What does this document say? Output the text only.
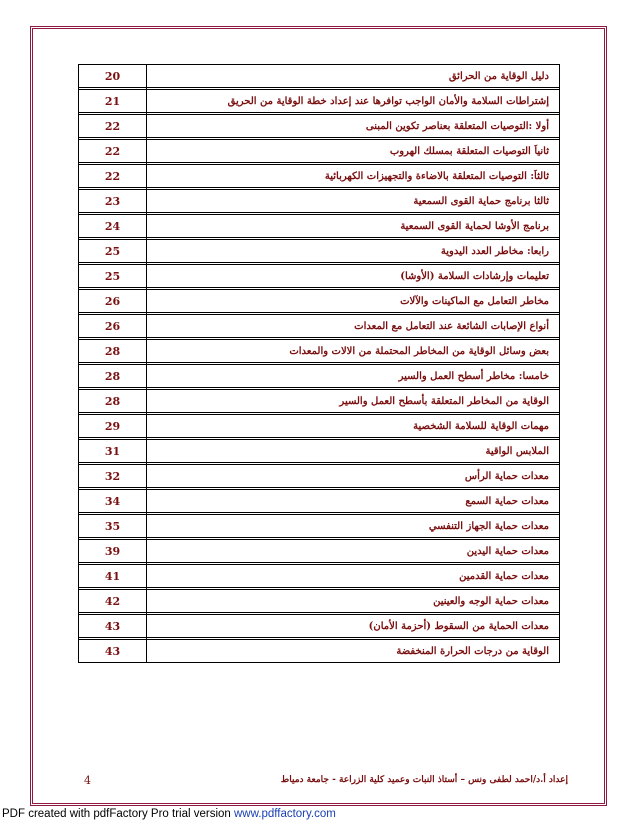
دليل الوقاية من الحرائق	20

إشتراطات السلامة والأمان الواجب توافرها عند إعداد خطة الوقاية من الحريق	21

أولا :التوصيات المتعلقة بعناصر تكوين المبنى	22

ثانياَ التوصيات المتعلقة بمسلك الهروب	22

ثالثاَ: التوصيات المتعلقة بالاضاءة والتجهيزات الكهربائية	22

ثالثا برنامج حماية القوى السمعية	23

برنامج الأوشا لحماية القوى السمعية	24

رابعا: مخاطر العدد اليدوية	25

تعليمات وإرشادات السلامة (الأوشا)	25

مخاطر التعامل مع الماكينات والآلات	26

أنواع الإصابات الشائعة عند التعامل مع المعدات	26

بعض وسائل الوقاية من المخاطر المحتملة من الالات والمعدات	28

خامسا: مخاطر أسطح العمل والسير	28

الوقاية من المخاطر المتعلقة بأسطح العمل والسير	28

مهمات الوقاية للسلامة الشخصية	29

الملابس الواقية	31

معدات حماية الرأس	32

معدات حماية السمع	34

معدات حماية الجهاز التنفسي	35

معدات حماية اليدين	39

معدات حماية القدمين	41

معدات حماية الوجه والعينين	42

معدات الحماية من السقوط (أحزمة الأمان)	43

الوقاية من درجات الحرارة المنخفضة	43
4	إعداد أ.د/احمد لطفى ونس – أستاذ النبات وعميد كلية الزراعة - جامعة دمياط
PDF created with pdfFactory Pro trial version www.pdffactory.com
